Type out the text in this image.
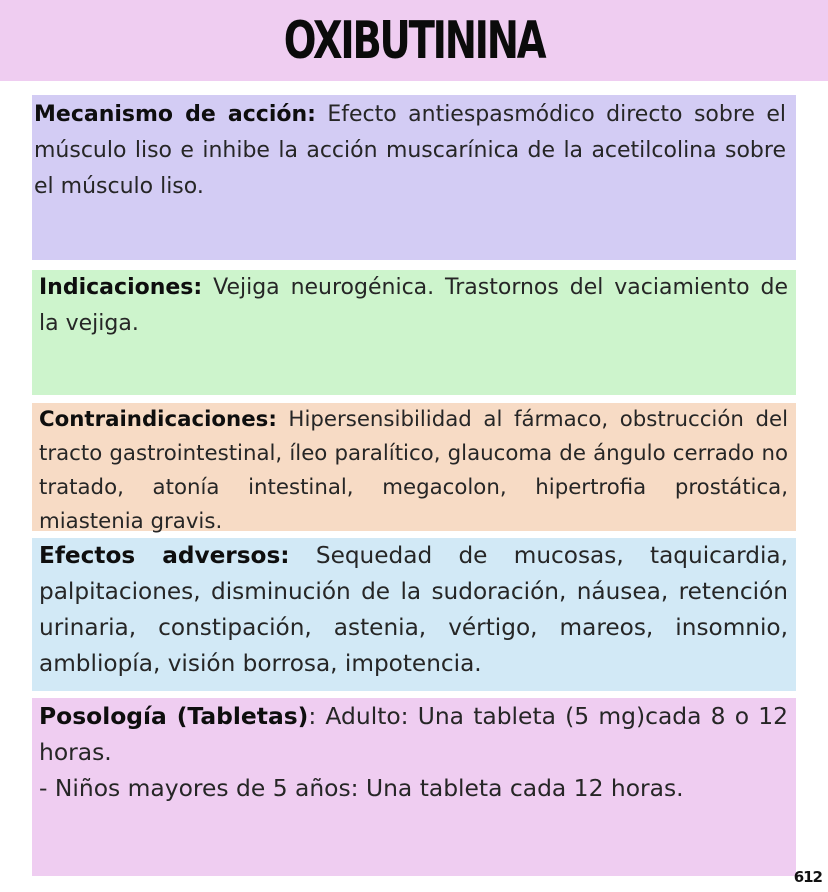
OXIBUTININA
Mecanismo de acción: Efecto antiespasmódico directo sobre el músculo liso e inhibe la acción muscarínica de la acetilcolina sobre el músculo liso.
Indicaciones: Vejiga neurogénica. Trastornos del vaciamiento de la vejiga.
Contraindicaciones: Hipersensibilidad al fármaco, obstrucción del tracto gastrointestinal, íleo paralítico, glaucoma de ángulo cerrado no tratado, atonía intestinal, megacolon, hipertrofia prostática, miastenia gravis.
Efectos adversos: Sequedad de mucosas, taquicardia, palpitaciones, disminución de la sudoración, náusea, retención urinaria, constipación, astenia, vértigo, mareos, insomnio, ambliopía, visión borrosa, impotencia.
Posología (Tabletas): Adulto: Una tableta (5 mg)cada 8 o 12 horas.
- Niños mayores de 5 años: Una tableta cada 12 horas.
612
